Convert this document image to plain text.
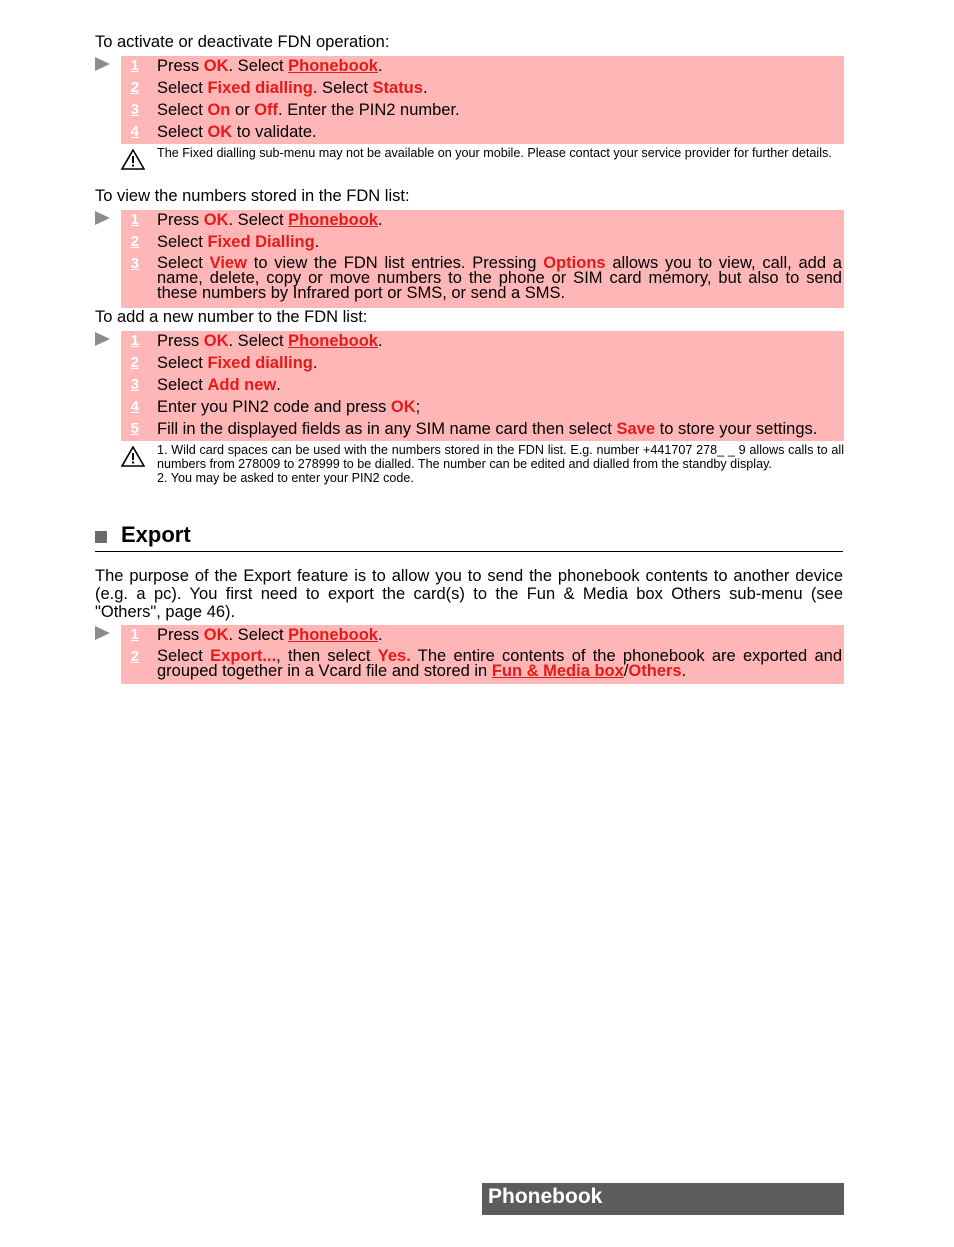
To activate or deactivate FDN operation:
1 Press OK. Select Phonebook.
2 Select Fixed dialling. Select Status.
3 Select On or Off. Enter the PIN2 number.
4 Select OK to validate.
The Fixed dialling sub-menu may not be available on your mobile. Please contact your service provider for further details.
To view the numbers stored in the FDN list:
1 Press OK. Select Phonebook.
2 Select Fixed Dialling.
3 Select View to view the FDN list entries. Pressing Options allows you to view, call, add a name, delete, copy or move numbers to the phone or SIM card memory, but also to send these numbers by Infrared port or SMS, or send a SMS.
To add a new number to the FDN list:
1 Press OK. Select Phonebook.
2 Select Fixed dialling.
3 Select Add new.
4 Enter you PIN2 code and press OK;
5 Fill in the displayed fields as in any SIM name card then select Save to store your settings.
1. Wild card spaces can be used with the numbers stored in the FDN list. E.g. number +441707 278_ _ 9 allows calls to all numbers from 278009 to 278999 to be dialled. The number can be edited and dialled from the standby display.
2. You may be asked to enter your PIN2 code.
Export
The purpose of the Export feature is to allow you to send the phonebook contents to another device (e.g. a pc). You first need to export the card(s) to the Fun & Media box Others sub-menu (see "Others", page 46).
1 Press OK. Select Phonebook.
2 Select Export..., then select Yes. The entire contents of the phonebook are exported and grouped together in a Vcard file and stored in Fun & Media box/Others.
Phonebook
